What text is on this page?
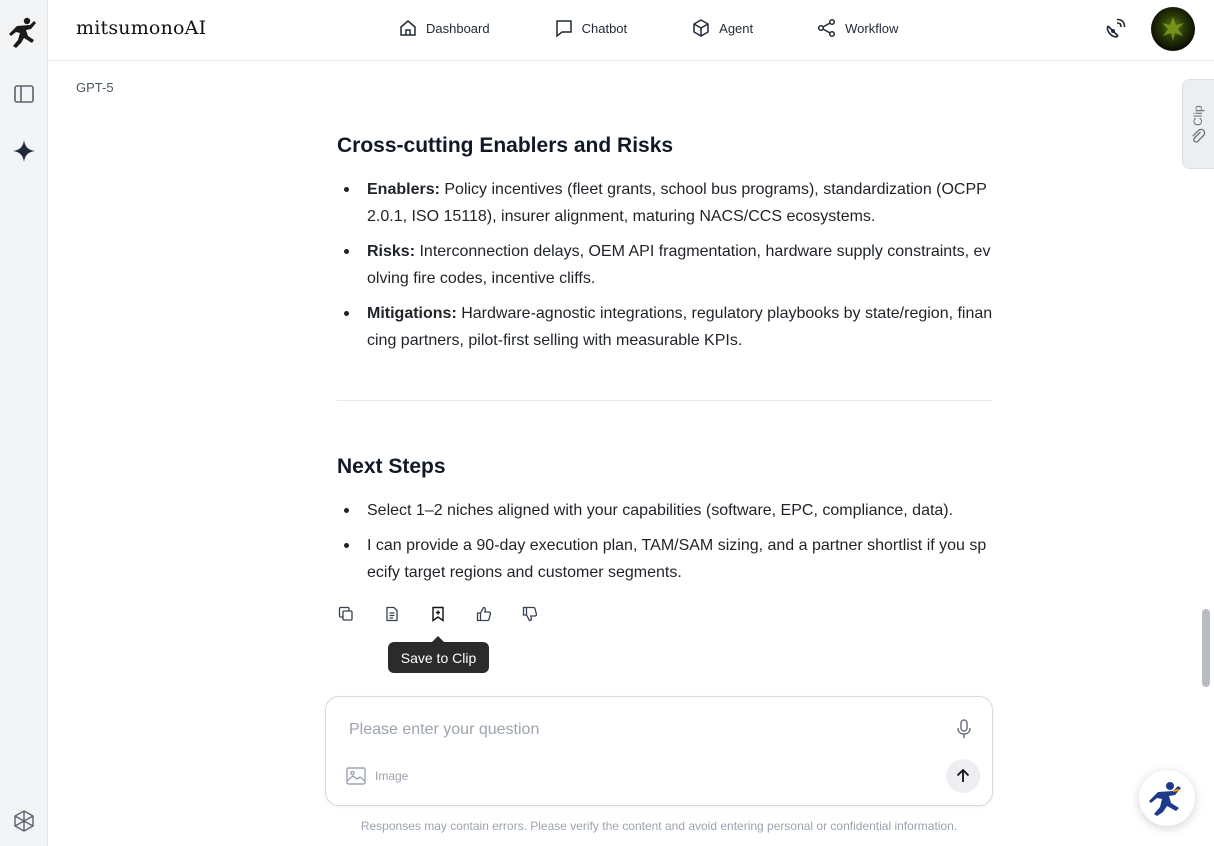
mitsumonoAI	Dashboard	Chatbot	Agent	Workflow
GPT-5
Cross-cutting Enablers and Risks
Enablers: Policy incentives (fleet grants, school bus programs), standardization (OCPP 2.0.1, ISO 15118), insurer alignment, maturing NACS/CCS ecosystems.
Risks: Interconnection delays, OEM API fragmentation, hardware supply constraints, evolving fire codes, incentive cliffs.
Mitigations: Hardware-agnostic integrations, regulatory playbooks by state/region, financing partners, pilot-first selling with measurable KPIs.
Next Steps
Select 1–2 niches aligned with your capabilities (software, EPC, compliance, data).
I can provide a 90-day execution plan, TAM/SAM sizing, and a partner shortlist if you specify target regions and customer segments.
Save to Clip
Clip
Please enter your question
Image
Responses may contain errors. Please verify the content and avoid entering personal or confidential information.
